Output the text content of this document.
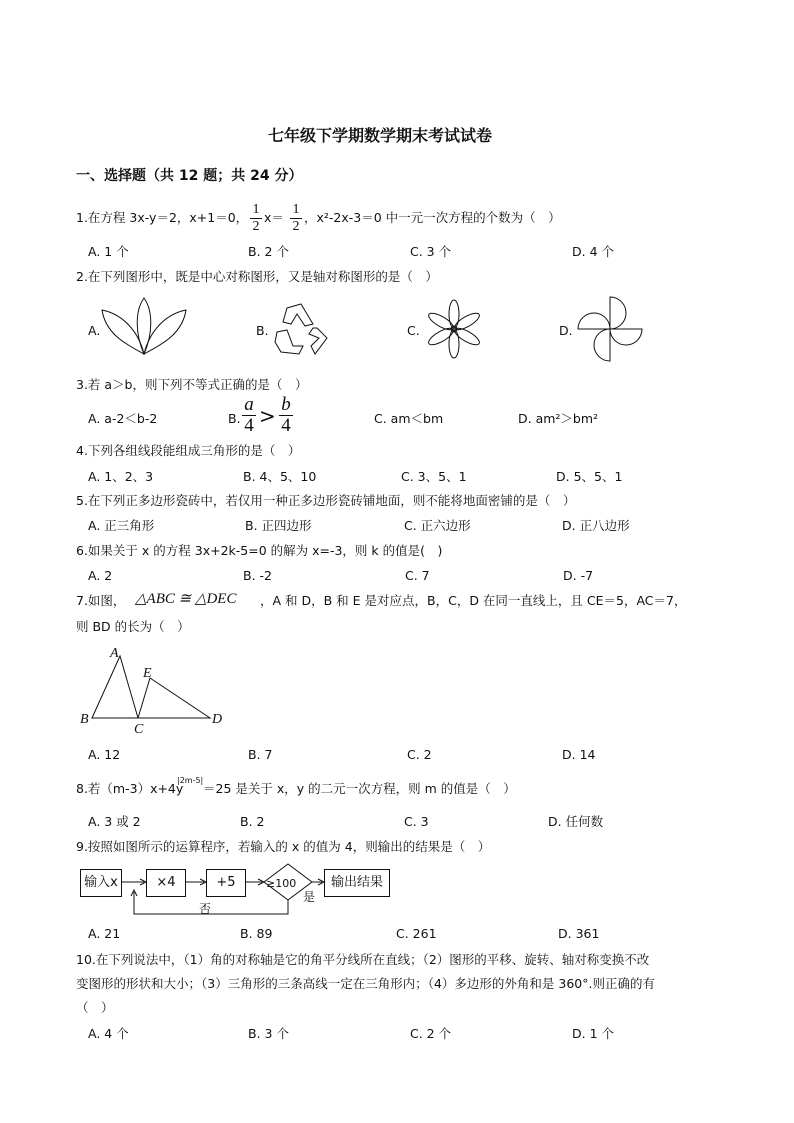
七年级下学期数学期末考试试卷
一、选择题（共 12 题；共 24 分）
1.在方程 3x-y＝2，x+1＝0，
1
2
x＝
1
2
，x²-2x-3＝0 中一元一次方程的个数为（　）
A. 1 个	B. 2 个	C. 3 个	D. 4 个
2.在下列图形中，既是中心对称图形，又是轴对称图形的是（　）
A.	B.	C.	D.
3.若 a＞b，则下列不等式正确的是（　）
A. a-2＜b-2	B.
a
4 > b
4	C. am＜bm	D. am²＞bm²
4.下列各组线段能组成三角形的是（　）
A. 1、2、3	B. 4、5、10	C. 3、5、1	D. 5、5、1
5.在下列正多边形瓷砖中，若仅用一种正多边形瓷砖铺地面，则不能将地面密铺的是（　）
A. 正三角形	B. 正四边形	C. 正六边形	D. 正八边形
6.如果关于 x 的方程 3x+2k-5=0 的解为 x=-3，则 k 的值是(　)
A. 2	B. -2	C. 7	D. -7
7.如图， △ABC ≅ △DEC ，A 和 D，B 和 E 是对应点，B，C，D 在同一直线上，且 CE＝5，AC＝7，
则 BD 的长为（　）
A
B
C
E
D
A. 12	B. 7	C. 2	D. 14
8.若（m-3）x+4y
|2m-5|
＝25 是关于 x，y 的二元一次方程，则 m 的值是（　）
A. 3 或 2	B. 2	C. 3	D. 任何数
9.按照如图所示的运算程序，若输入的 x 的值为 4，则输出的结果是（　）
输入x	×4	+5	≥100	输出结果
否
是
A. 21	B. 89	C. 261	D. 361
10.在下列说法中，（1）角的对称轴是它的角平分线所在直线；（2）图形的平移、旋转、轴对称变换不改
变图形的形状和大小；（3）三角形的三条高线一定在三角形内；（4）多边形的外角和是 360°.则正确的有
（　）
A. 4 个	B. 3 个	C. 2 个	D. 1 个
